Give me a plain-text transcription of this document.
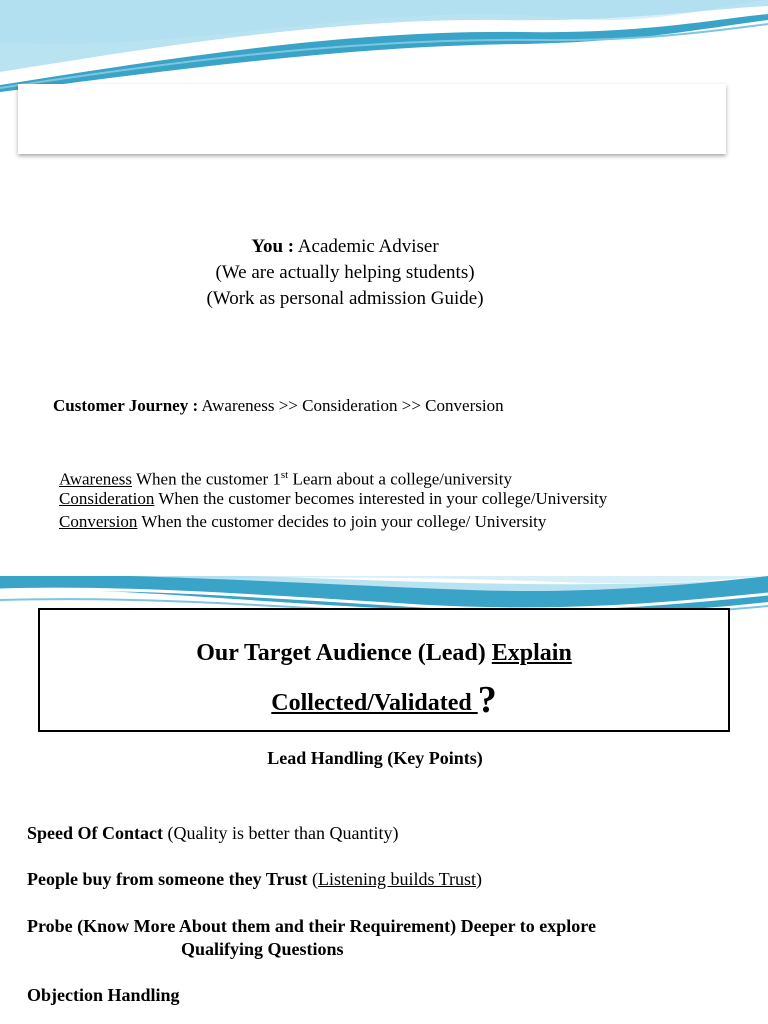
You : Academic Adviser
(We are actually helping students)
(Work as personal admission Guide)
Customer Journey : Awareness >> Consideration >> Conversion
Awareness When the customer 1st Learn about a college/university
Consideration When the customer becomes interested in your college/University
Conversion When the customer decides to join your college/ University
Our Target Audience (Lead) Explain
Collected/Validated ?
Lead Handling (Key Points)
Speed Of Contact (Quality is better than Quantity)
People buy from someone they Trust (Listening builds Trust)
Probe (Know More About them and their Requirement) Deeper to explore
Qualifying Questions
Objection Handling
